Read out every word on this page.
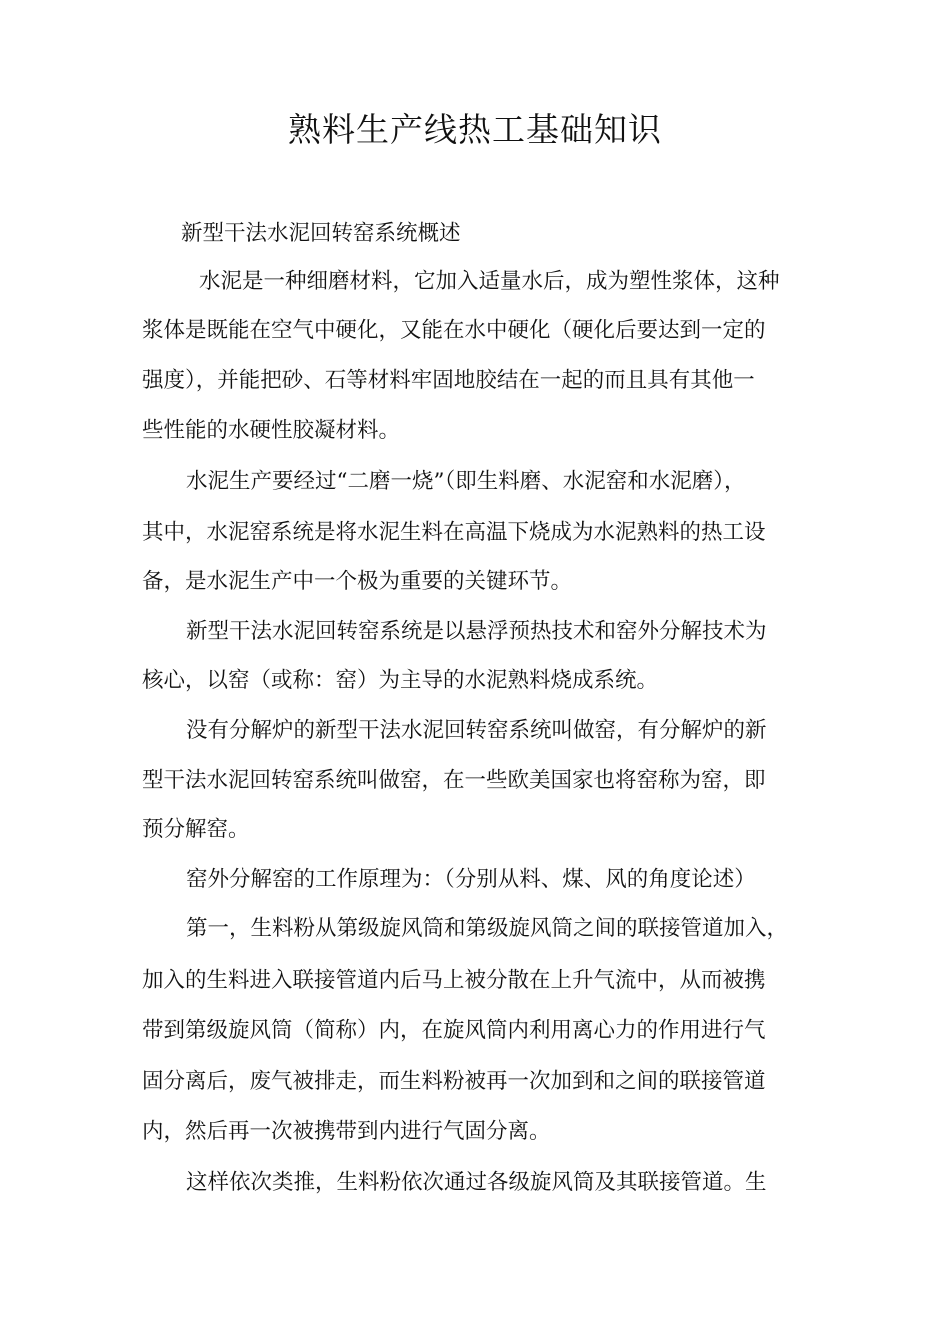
熟料生产线热工基础知识
新型干法水泥回转窑系统概述
水泥是一种细磨材料，它加入适量水后，成为塑性浆体，这种
浆体是既能在空气中硬化，又能在水中硬化（硬化后要达到一定的
强度），并能把砂、石等材料牢固地胶结在一起的而且具有其他一
些性能的水硬性胶凝材料。
水泥生产要经过“二磨一烧”（即生料磨、水泥窑和水泥磨），
其中，水泥窑系统是将水泥生料在高温下烧成为水泥熟料的热工设
备，是水泥生产中一个极为重要的关键环节。
新型干法水泥回转窑系统是以悬浮预热技术和窑外分解技术为
核心，以窑（或称：窑）为主导的水泥熟料烧成系统。
没有分解炉的新型干法水泥回转窑系统叫做窑，有分解炉的新
型干法水泥回转窑系统叫做窑，在一些欧美国家也将窑称为窑，即
预分解窑。
窑外分解窑的工作原理为：（分别从料、煤、风的角度论述）
第一，生料粉从第级旋风筒和第级旋风筒之间的联接管道加入，
加入的生料进入联接管道内后马上被分散在上升气流中，从而被携
带到第级旋风筒（简称）内，在旋风筒内利用离心力的作用进行气
固分离后，废气被排走，而生料粉被再一次加到和之间的联接管道
内，然后再一次被携带到内进行气固分离。
这样依次类推，生料粉依次通过各级旋风筒及其联接管道。生
